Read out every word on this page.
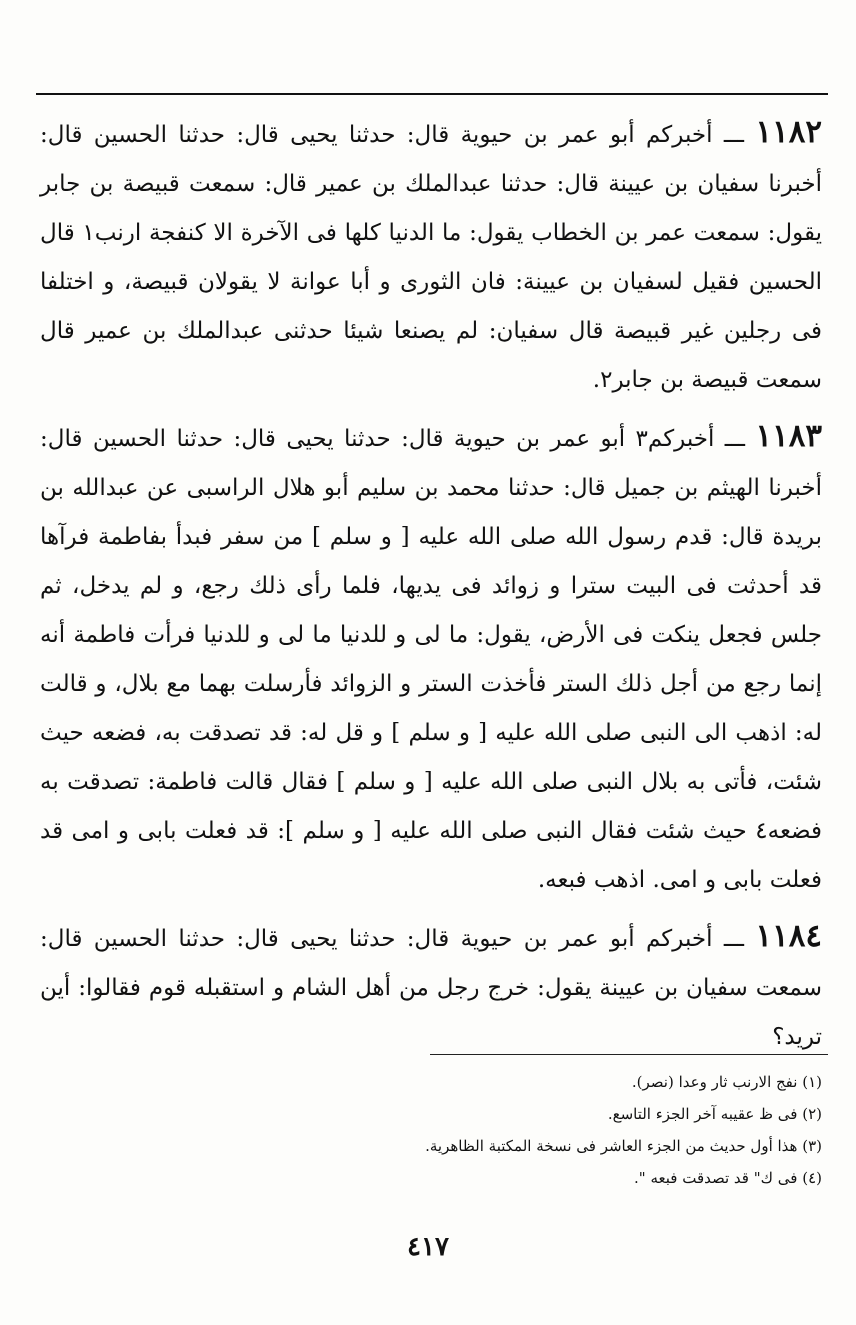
١١٨٢ ـــ أخبركم أبو عمر بن حيوية قال: حدثنا يحيى قال: حدثنا الحسين قال: أخبرنا سفيان بن عيينة قال: حدثنا عبدالملك بن عمير قال: سمعت قبيصة بن جابر يقول: سمعت عمر بن الخطاب يقول: ما الدنيا كلها فى الآخرة الا كنفجة ارنب١ قال الحسين فقيل لسفيان بن عيينة: فان الثورى و أبا عوانة لا يقولان قبيصة، و اختلفا فى رجلين غير قبيصة قال سفيان: لم يصنعا شيئا حدثنى عبدالملك بن عمير قال سمعت قبيصة بن جابر٢.

١١٨٣ ـــ أخبركم٣ أبو عمر بن حيوية قال: حدثنا يحيى قال: حدثنا الحسين قال: أخبرنا الهيثم بن جميل قال: حدثنا محمد بن سليم أبو هلال الراسبى عن عبدالله بن بريدة قال: قدم رسول الله صلى الله عليه [ و سلم ] من سفر فبدأ بفاطمة فرآها قد أحدثت فى البيت سترا و زوائد فى يديها، فلما رأى ذلك رجع، و لم يدخل، ثم جلس فجعل ينكت فى الأرض، يقول: ما لى و للدنيا ما لى و للدنيا فرأت فاطمة أنه إنما رجع من أجل ذلك الستر فأخذت الستر و الزوائد فأرسلت بهما مع بلال، و قالت له: اذهب الى النبى صلى الله عليه [ و سلم ] و قل له: قد تصدقت به، فضعه حيث شئت، فأتى به بلال النبى صلى الله عليه [ و سلم ] فقال قالت فاطمة: تصدقت به فضعه٤ حيث شئت فقال النبى صلى الله عليه [ و سلم ]: قد فعلت بابى و امى قد فعلت بابى و امى. اذهب فبعه.

١١٨٤ ـــ أخبركم أبو عمر بن حيوية قال: حدثنا يحيى قال: حدثنا الحسين قال: سمعت سفيان بن عيينة يقول: خرج رجل من أهل الشام و استقبله قوم فقالوا: أين تريد؟

(١) نفج الارنب ثار وعدا (نصر).

(٢) فى ظ عقيبه آخر الجزء التاسع.

(٣) هذا أول حديث من الجزء العاشر فى نسخة المكتبة الظاهرية.

(٤) فى ك" قد تصدقت فبعه ".

٤١٧
